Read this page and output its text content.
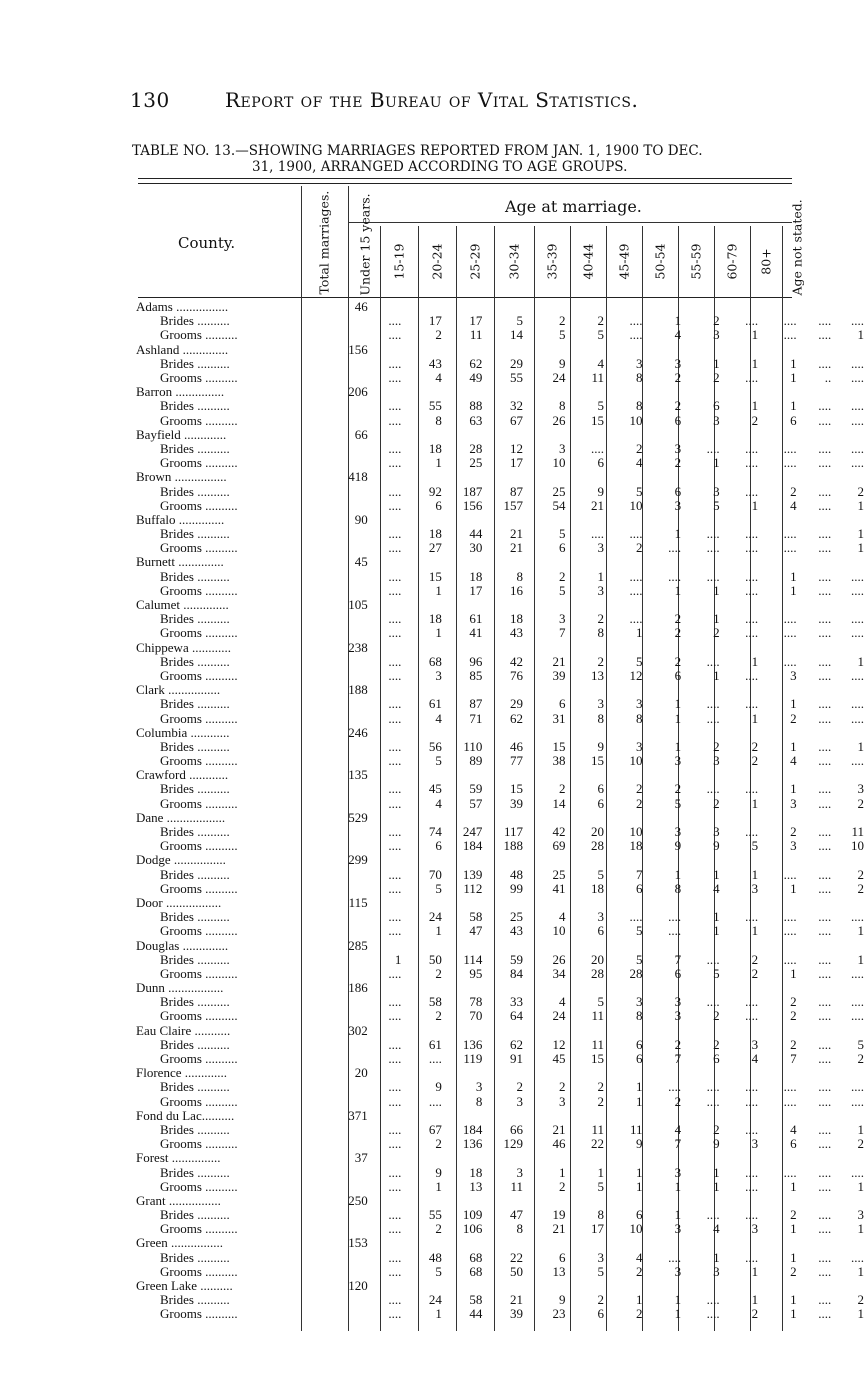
130	Report of the Bureau of Vital Statistics.
TABLE NO. 13.—SHOWING MARRIAGES REPORTED FROM JAN. 1, 1900 TO DEC.
31, 1900, ARRANGED ACCORDING TO AGE GROUPS.
County.	Total marriages.	Age at marriage.
Under 15 years. 15-19 20-24 25-29 30-34 35-39 40-44 45-49 50-54 55-59 60-79 80+ Age not stated.
Adams ................	46													
Brides ..........		....	17	17	5	2	2	....	1	2	....	....	....	....
Grooms ..........		....	2	11	14	5	5	....	4	3	1	....	....	1
Ashland ..............	156													
Brides ..........		....	43	62	29	9	4	3	3	1	1	1	....	....
Grooms ..........		....	4	49	55	24	11	8	2	2	....	1	..	....
Barron ...............	206													
Brides ..........		....	55	88	32	8	5	8	2	6	1	1	....	....
Grooms ..........		....	8	63	67	26	15	10	6	3	2	6	....	....
Bayfield .............	66													
Brides ..........		....	18	28	12	3	....	2	3	....	....	....	....	....
Grooms ..........		....	1	25	17	10	6	4	2	1	....	....	....	....
Brown ................	418													
Brides ..........		....	92	187	87	25	9	5	6	3	....	2	....	2
Grooms ..........		....	6	156	157	54	21	10	3	5	1	4	....	1
Buffalo ..............	90													
Brides ..........		....	18	44	21	5	....	....	1	....	....	....	....	1
Grooms ..........		....	27	30	21	6	3	2	....	....	....	....	....	1
Burnett ..............	45													
Brides ..........		....	15	18	8	2	1	....	....	....	....	1	....	....
Grooms ..........		....	1	17	16	5	3	....	1	1	....	1	....	....
Calumet ..............	105													
Brides ..........		....	18	61	18	3	2	....	2	1	....	....	....	....
Grooms ..........		....	1	41	43	7	8	1	2	2	....	....	....	....
Chippewa ............	238													
Brides ..........		....	68	96	42	21	2	5	2	....	1	....	....	1
Grooms ..........		....	3	85	76	39	13	12	6	1	....	3	....	....
Clark ................	188													
Brides ..........		....	61	87	29	6	3	3	1	....	....	1	....	....
Grooms ..........		....	4	71	62	31	8	8	1	....	1	2	....	....
Columbia ............	246													
Brides ..........		....	56	110	46	15	9	3	1	2	2	1	....	1
Grooms ..........		....	5	89	77	38	15	10	3	3	2	4	....	....
Crawford ............	135													
Brides ..........		....	45	59	15	2	6	2	2	....	....	1	....	3
Grooms ..........		....	4	57	39	14	6	2	5	2	1	3	....	2
Dane ..................	529													
Brides ..........		....	74	247	117	42	20	10	3	3	....	2	....	11
Grooms ..........		....	6	184	188	69	28	18	9	9	5	3	....	10
Dodge ................	299													
Brides ..........		....	70	139	48	25	5	7	1	1	1	....	....	2
Grooms ..........		....	5	112	99	41	18	6	8	4	3	1	....	2
Door .................	115													
Brides ..........		....	24	58	25	4	3	....	....	1	....	....	....	....
Grooms ..........		....	1	47	43	10	6	5	....	1	1	....	....	1
Douglas ..............	285													
Brides ..........		1	50	114	59	26	20	5	7	....	2	....	....	1
Grooms ..........		....	2	95	84	34	28	28	6	5	2	1	....	....
Dunn .................	186													
Brides ..........		....	58	78	33	4	5	3	3	....	....	2	....	....
Grooms ..........		....	2	70	64	24	11	8	3	2	....	2	....	....
Eau Claire ...........	302													
Brides ..........		....	61	136	62	12	11	6	2	2	3	2	....	5
Grooms ..........		....	....	119	91	45	15	6	7	6	4	7	....	2
Florence .............	20													
Brides ..........		....	9	3	2	2	2	1	....	....	....	....	....	....
Grooms ..........		....	....	8	3	3	2	1	2	....	....	....	....	....
Fond du Lac..........	371													
Brides ..........		....	67	184	66	21	11	11	4	2	....	4	....	1
Grooms ..........		....	2	136	129	46	22	9	7	9	3	6	....	2
Forest ...............	37													
Brides ..........		....	9	18	3	1	1	1	3	1	....	....	....	....
Grooms ..........		....	1	13	11	2	5	1	1	1	....	1	....	1
Grant ................	250													
Brides ..........		....	55	109	47	19	8	6	1	....	....	2	....	3
Grooms ..........		....	2	106	8	21	17	10	3	4	3	1	....	1
Green ................	153													
Brides ..........		....	48	68	22	6	3	4	....	1	....	1	....	....
Grooms ..........		....	5	68	50	13	5	2	3	3	1	2	....	1
Green Lake ..........	120													
Brides ..........		....	24	58	21	9	2	1	1	....	1	1	....	2
Grooms ..........		....	1	44	39	23	6	2	1	....	2	1	....	1
